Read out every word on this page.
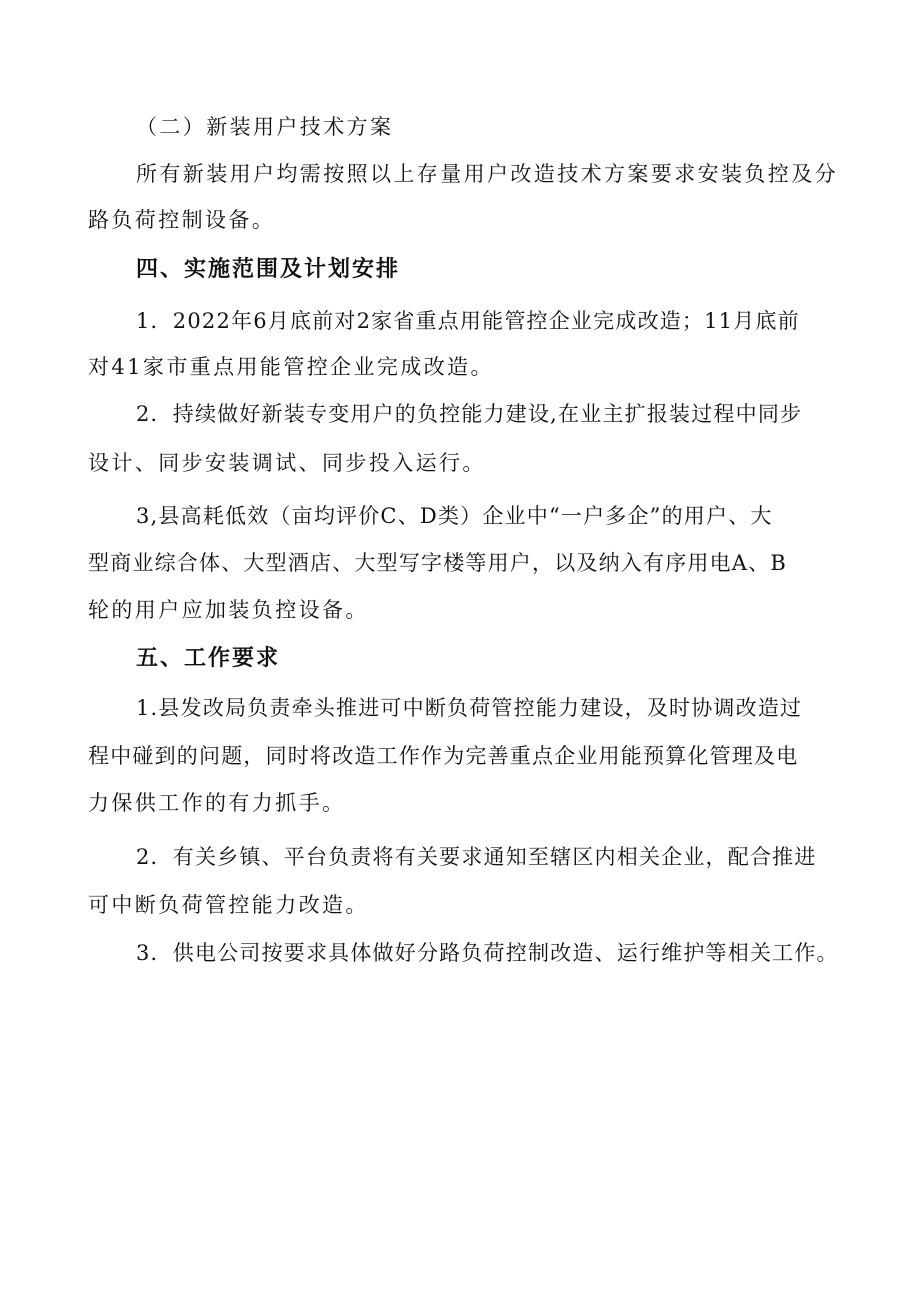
（二）新装用户技术方案
所有新装用户均需按照以上存量用户改造技术方案要求安装负控及分
路负荷控制设备。
四、实施范围及计划安排
1．2022年6月底前对2家省重点用能管控企业完成改造；11月底前
对41家市重点用能管控企业完成改造。
2．持续做好新装专变用户的负控能力建设,在业主扩报装过程中同步
设计、同步安装调试、同步投入运行。
3,县高耗低效（亩均评价C、D类）企业中“一户多企”的用户、大
型商业综合体、大型酒店、大型写字楼等用户，以及纳入有序用电A、B
轮的用户应加装负控设备。
五、工作要求
1.县发改局负责牵头推进可中断负荷管控能力建设，及时协调改造过
程中碰到的问题，同时将改造工作作为完善重点企业用能预算化管理及电
力保供工作的有力抓手。
2．有关乡镇、平台负责将有关要求通知至辖区内相关企业，配合推进
可中断负荷管控能力改造。
3．供电公司按要求具体做好分路负荷控制改造、运行维护等相关工作。
